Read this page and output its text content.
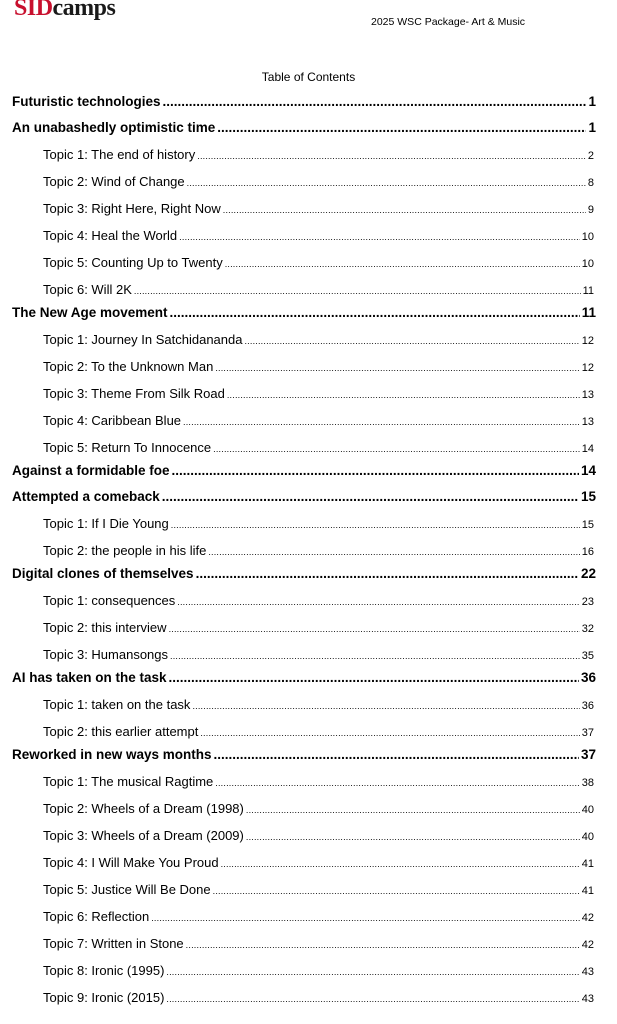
SIDcamps
2025 WSC Package- Art & Music
Table of Contents
Futuristic technologies .....	1
An unabashedly optimistic time .....	1
Topic 1: The end of history .....	2
Topic 2: Wind of Change .....	8
Topic 3: Right Here, Right Now .....	9
Topic 4: Heal the World .....	10
Topic 5: Counting Up to Twenty .....	10
Topic 6: Will 2K .....	11
The New Age movement .....	11
Topic 1: Journey In Satchidananda .....	12
Topic 2: To the Unknown Man .....	12
Topic 3: Theme From Silk Road .....	13
Topic 4: Caribbean Blue .....	13
Topic 5: Return To Innocence .....	14
Against a formidable foe .....	14
Attempted a comeback .....	15
Topic 1: If I Die Young .....	15
Topic 2: the people in his life .....	16
Digital clones of themselves .....	22
Topic 1: consequences .....	23
Topic 2: this interview .....	32
Topic 3: Humansongs .....	35
AI has taken on the task .....	36
Topic 1: taken on the task .....	36
Topic 2: this earlier attempt .....	37
Reworked in new ways months .....	37
Topic 1: The musical Ragtime .....	38
Topic 2: Wheels of a Dream (1998) .....	40
Topic 3: Wheels of a Dream (2009) .....	40
Topic 4: I Will Make You Proud .....	41
Topic 5: Justice Will Be Done .....	41
Topic 6: Reflection .....	42
Topic 7: Written in Stone .....	42
Topic 8: Ironic (1995) .....	43
Topic 9: Ironic (2015) .....	43
